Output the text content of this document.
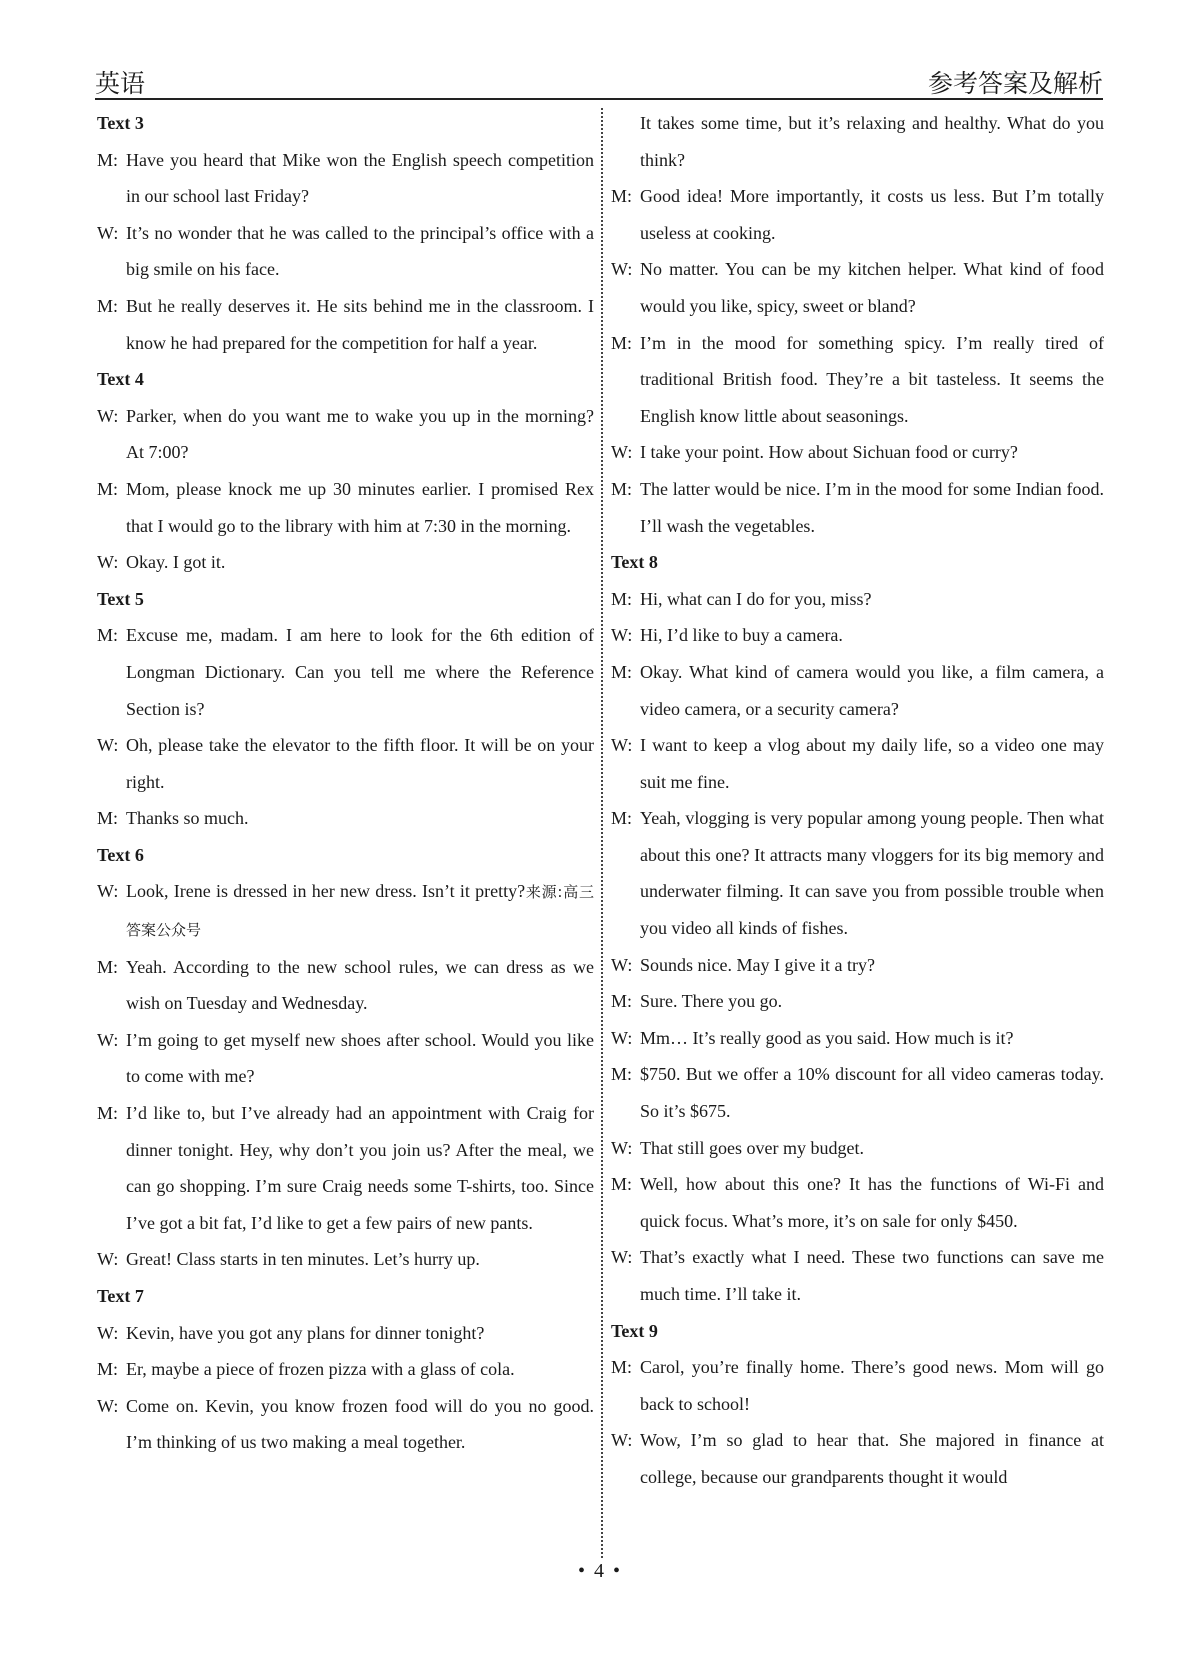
英语	参考答案及解析
Text 3
M: Have you heard that Mike won the English speech competition in our school last Friday?
W: It’s no wonder that he was called to the principal’s office with a big smile on his face.
M: But he really deserves it. He sits behind me in the classroom. I know he had prepared for the competition for half a year.
Text 4
W: Parker, when do you want me to wake you up in the morning? At 7:00?
M: Mom, please knock me up 30 minutes earlier. I promised Rex that I would go to the library with him at 7:30 in the morning.
W: Okay. I got it.
Text 5
M: Excuse me, madam. I am here to look for the 6th edition of Longman Dictionary. Can you tell me where the Reference Section is?
W: Oh, please take the elevator to the fifth floor. It will be on your right.
M: Thanks so much.
Text 6
W: Look, Irene is dressed in her new dress. Isn’t it pretty?来源:高三答案公众号
M: Yeah. According to the new school rules, we can dress as we wish on Tuesday and Wednesday.
W: I’m going to get myself new shoes after school. Would you like to come with me?
M: I’d like to, but I’ve already had an appointment with Craig for dinner tonight. Hey, why don’t you join us? After the meal, we can go shopping. I’m sure Craig needs some T-shirts, too. Since I’ve got a bit fat, I’d like to get a few pairs of new pants.
W: Great! Class starts in ten minutes. Let’s hurry up.
Text 7
W: Kevin, have you got any plans for dinner tonight?
M: Er, maybe a piece of frozen pizza with a glass of cola.
W: Come on. Kevin, you know frozen food will do you no good. I’m thinking of us two making a meal together.
It takes some time, but it’s relaxing and healthy. What do you think?
M: Good idea! More importantly, it costs us less. But I’m totally useless at cooking.
W: No matter. You can be my kitchen helper. What kind of food would you like, spicy, sweet or bland?
M: I’m in the mood for something spicy. I’m really tired of traditional British food. They’re a bit tasteless. It seems the English know little about seasonings.
W: I take your point. How about Sichuan food or curry?
M: The latter would be nice. I’m in the mood for some Indian food. I’ll wash the vegetables.
Text 8
M: Hi, what can I do for you, miss?
W: Hi, I’d like to buy a camera.
M: Okay. What kind of camera would you like, a film camera, a video camera, or a security camera?
W: I want to keep a vlog about my daily life, so a video one may suit me fine.
M: Yeah, vlogging is very popular among young people. Then what about this one? It attracts many vloggers for its big memory and underwater filming. It can save you from possible trouble when you video all kinds of fishes.
W: Sounds nice. May I give it a try?
M: Sure. There you go.
W: Mm… It’s really good as you said. How much is it?
M: $750. But we offer a 10% discount for all video cameras today. So it’s $675.
W: That still goes over my budget.
M: Well, how about this one? It has the functions of Wi-Fi and quick focus. What’s more, it’s on sale for only $450.
W: That’s exactly what I need. These two functions can save me much time. I’ll take it.
Text 9
M: Carol, you’re finally home. There’s good news. Mom will go back to school!
W: Wow, I’m so glad to hear that. She majored in finance at college, because our grandparents thought it would
• 4 •
